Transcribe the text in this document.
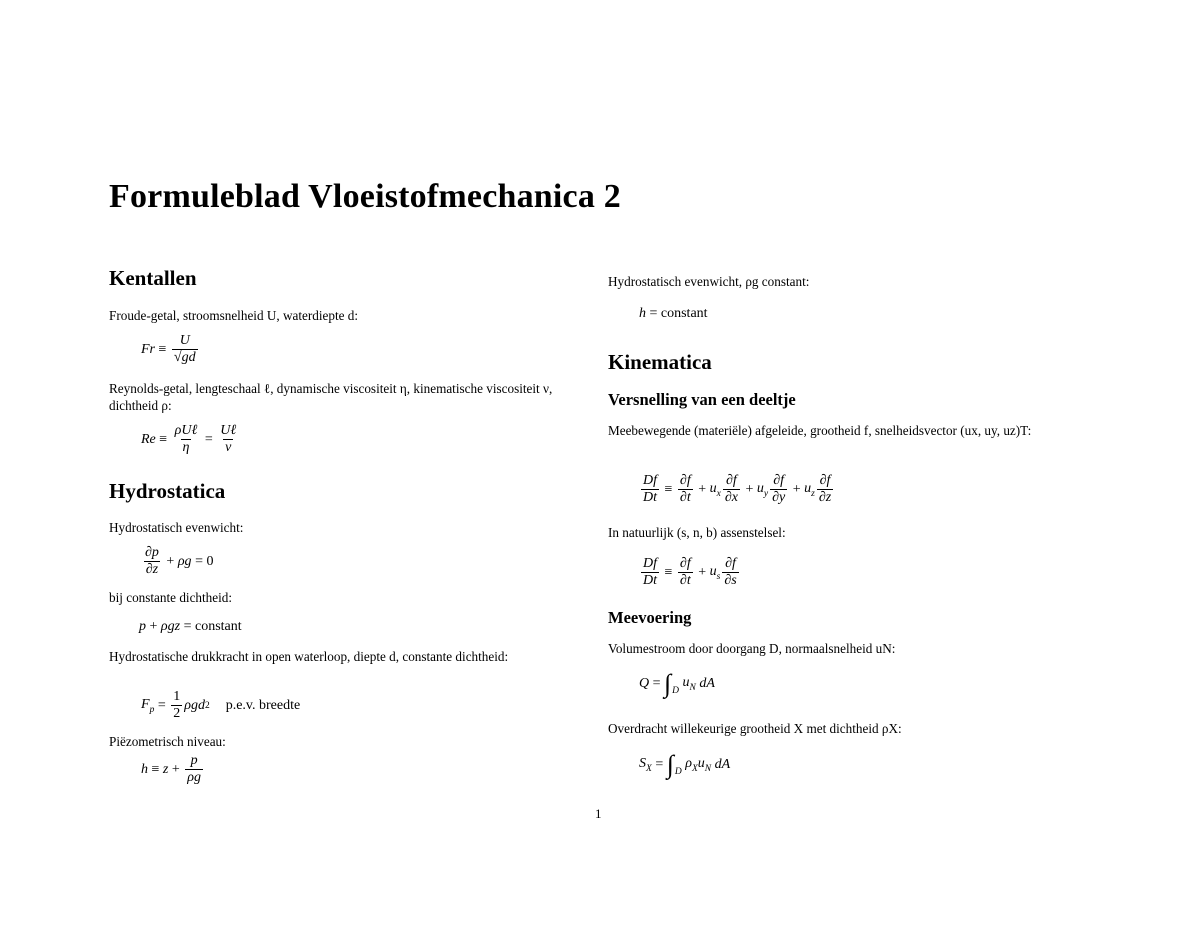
Formuleblad Vloeistofmechanica 2
Kentallen
Froude-getal, stroomsnelheid U, waterdiepte d:
$Fr \equiv \frac{U}{√gd}$
Reynolds-getal, lengteschaal ℓ, dynamische viscositeit η, kinematische viscositeit ν, dichtheid ρ:
$Re \equiv \frac{\text{ρUℓ}}{\eta} = \frac{\text{Uℓ}}{\nu}$
Hydrostatica
Hydrostatisch evenwicht:
$\frac{\partial p}{\partial z} + \rho g = 0$
bij constante dichtheid:
p + ρgz = constant
Hydrostatische drukkracht in open waterloop, diepte d, constante dichtheid:
$F_p = \frac{1}{2}$ ρgd 2 p.e.v. breedte
Piëzometrisch niveau:
$h \equiv z + \frac{p}{\rho g}$
Hydrostatisch evenwicht, ρg constant:
h = constant
Kinematica
Versnelling van een deeltje
Meebewegende (materiële) afgeleide, grootheid f, snelheidsvector (ux, uy, uz)T:
$\frac{Df}{Dt} \equiv \frac{\partial f}{\partial t} + u_x \frac{\partial f}{\partial x} + u_y \frac{\partial f}{\partial y} + u_z \frac{\partial f}{\partial z}$
In natuurlijk (s, n, b) assenstelsel:
$\frac{Df}{Dt} \equiv \frac{\partial f}{\partial t} + u_s \frac{\partial f}{\partial s}$
Meevoering
Volumestroom door doorgang D, normaalsnelheid uN:
$Q = \int_D$

$u_N$
dA
Overdracht willekeurige grootheid X met dichtheid ρX:
$S_X = \int_D$

$\rho_X$ $u_N$
dA
1
